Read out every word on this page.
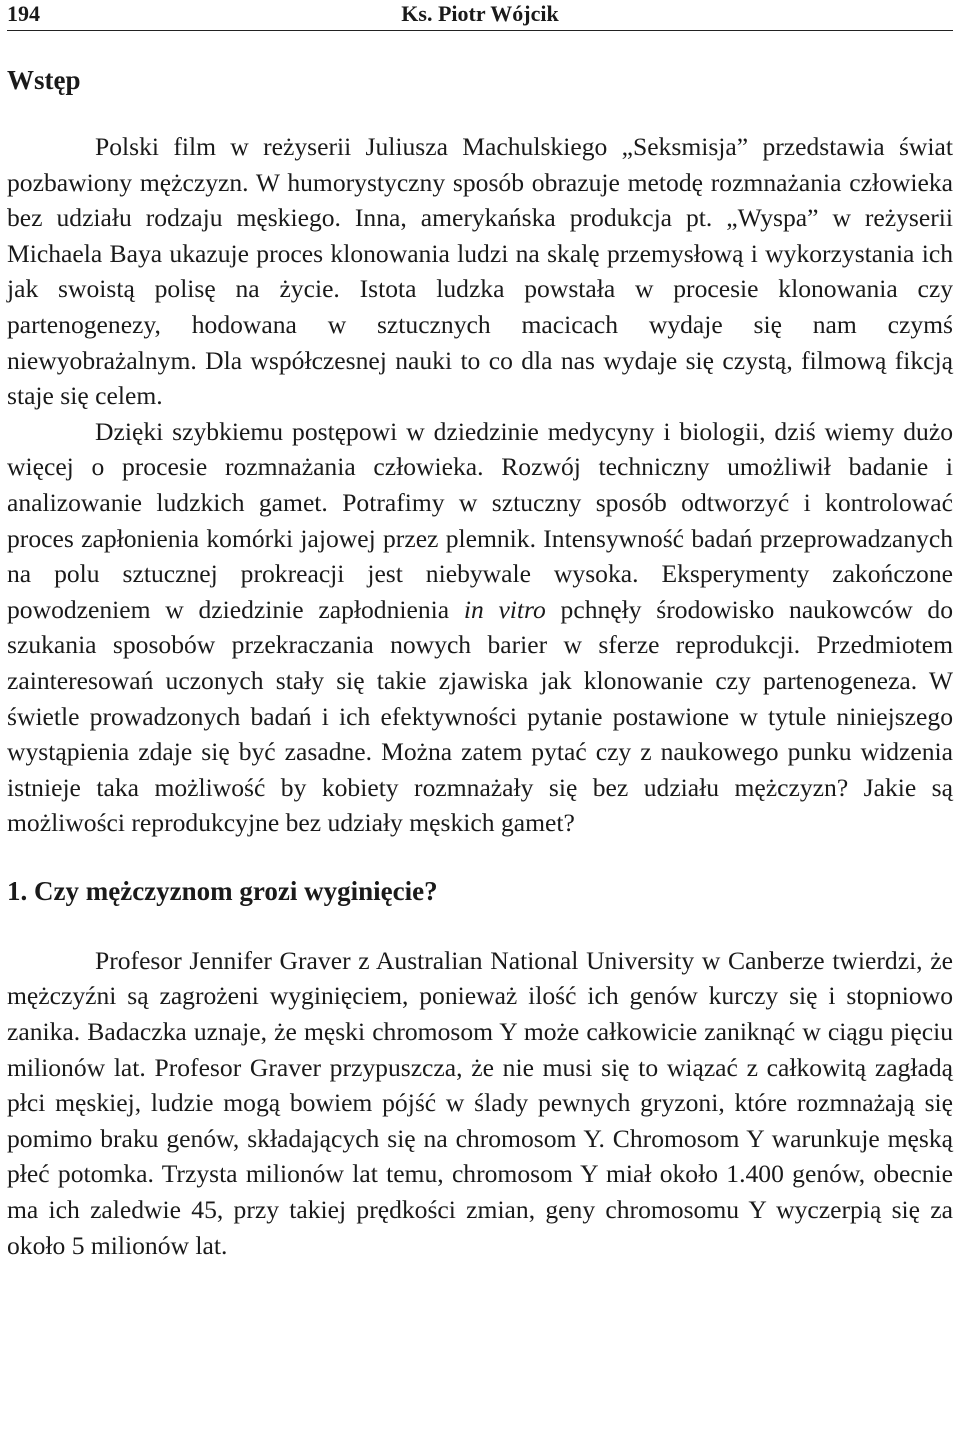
194	Ks. Piotr Wójcik
Wstęp

Polski film w reżyserii Juliusza Machulskiego „Seksmisja” przedstawia świat pozbawiony mężczyzn. W humorystyczny sposób obrazuje metodę rozmnażania człowieka bez udziału rodzaju męskiego. Inna, amerykańska produkcja pt. „Wyspa” w reżyserii Michaela Baya ukazuje proces klonowania ludzi na skalę przemysłową i wykorzystania ich jak swoistą polisę na życie. Istota ludzka powstała w procesie klonowania czy partenogenezy, hodowana w sztucznych macicach wydaje się nam czymś niewyobrażalnym. Dla współczesnej nauki to co dla nas wydaje się czystą, filmową fikcją staje się celem.

Dzięki szybkiemu postępowi w dziedzinie medycyny i biologii, dziś wiemy dużo więcej o procesie rozmnażania człowieka. Rozwój techniczny umożliwił badanie i analizowanie ludzkich gamet. Potrafimy w sztuczny sposób odtworzyć i kontrolować proces zapłonienia komórki jajowej przez plemnik. Intensywność badań przeprowadzanych na polu sztucznej prokreacji jest niebywale wysoka. Eksperymenty zakończone powodzeniem w dziedzinie zapłodnienia in vitro pchnęły środowisko naukowców do szukania sposobów przekraczania nowych barier w sferze reprodukcji. Przedmiotem zainteresowań uczonych stały się takie zjawiska jak klonowanie czy partenogeneza. W świetle prowadzonych badań i ich efektywności pytanie postawione w tytule niniejszego wystąpienia zdaje się być zasadne. Można zatem pytać czy z naukowego punku widzenia istnieje taka możliwość by kobiety rozmnażały się bez udziału mężczyzn? Jakie są możliwości reprodukcyjne bez udziały męskich gamet?

1. Czy mężczyznom grozi wyginięcie?

Profesor Jennifer Graver z Australian National University w Canberze twierdzi, że mężczyźni są zagrożeni wyginięciem, ponieważ ilość ich genów kurczy się i stopniowo zanika. Badaczka uznaje, że męski chromosom Y może całkowicie zaniknąć w ciągu pięciu milionów lat. Profesor Graver przypuszcza, że nie musi się to wiązać z całkowitą zagładą płci męskiej, ludzie mogą bowiem pójść w ślady pewnych gryzoni, które rozmnażają się pomimo braku genów, składających się na chromosom Y. Chromosom Y warunkuje męską płeć potomka. Trzysta milionów lat temu, chromosom Y miał około 1.400 genów, obecnie ma ich zaledwie 45, przy takiej prędkości zmian, geny chromosomu Y wyczerpią się za około 5 milionów lat.
